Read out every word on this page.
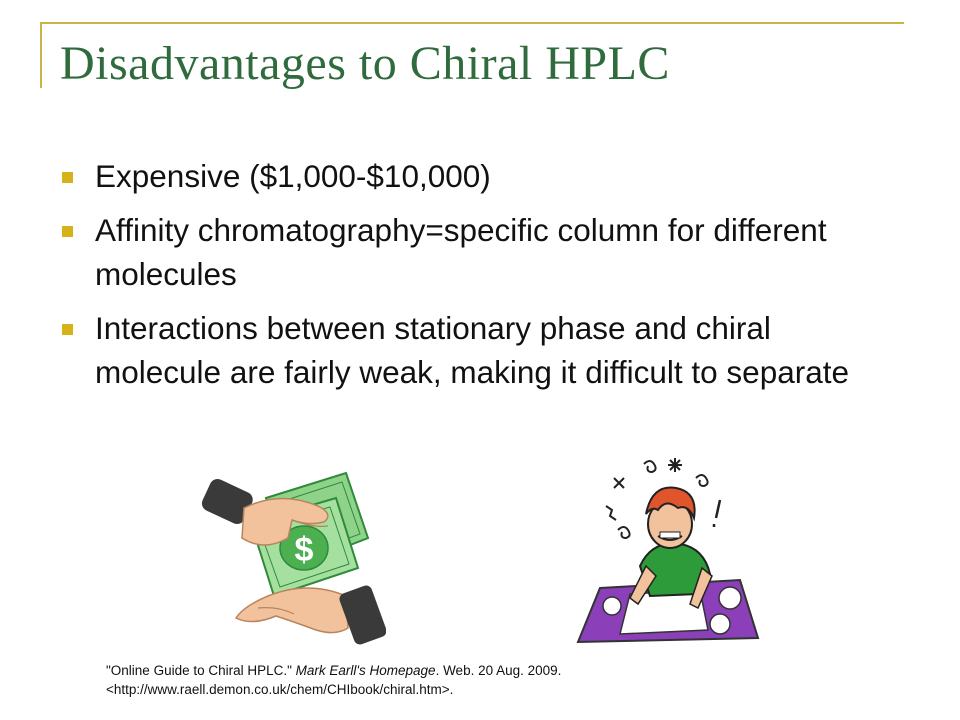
Disadvantages to Chiral HPLC
Expensive ($1,000-$10,000)
Affinity chromatography=specific column for different molecules
Interactions between stationary phase and chiral molecule are fairly weak, making it difficult to separate
$

"Online Guide to Chiral HPLC." Mark Earll's Homepage. Web. 20 Aug. 2009.

<http://www.raell.demon.co.uk/chem/CHIbook/chiral.htm>.
